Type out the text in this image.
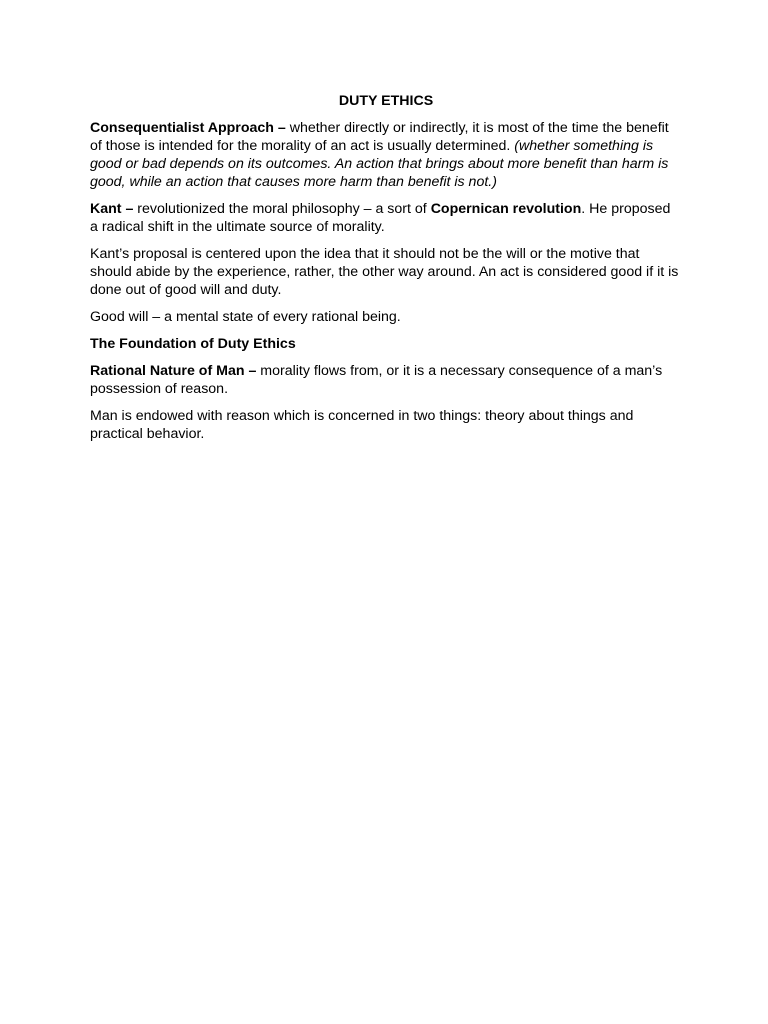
DUTY ETHICS

Consequentialist Approach – whether directly or indirectly, it is most of the time the benefit of those is intended for the morality of an act is usually determined. (whether something is good or bad depends on its outcomes. An action that brings about more benefit than harm is good, while an action that causes more harm than benefit is not.)

Kant – revolutionized the moral philosophy – a sort of Copernican revolution. He proposed a radical shift in the ultimate source of morality.

Kant’s proposal is centered upon the idea that it should not be the will or the motive that should abide by the experience, rather, the other way around. An act is considered good if it is done out of good will and duty.

Good will – a mental state of every rational being.

The Foundation of Duty Ethics

Rational Nature of Man – morality flows from, or it is a necessary consequence of a man’s possession of reason.

Man is endowed with reason which is concerned in two things: theory about things and practical behavior.
